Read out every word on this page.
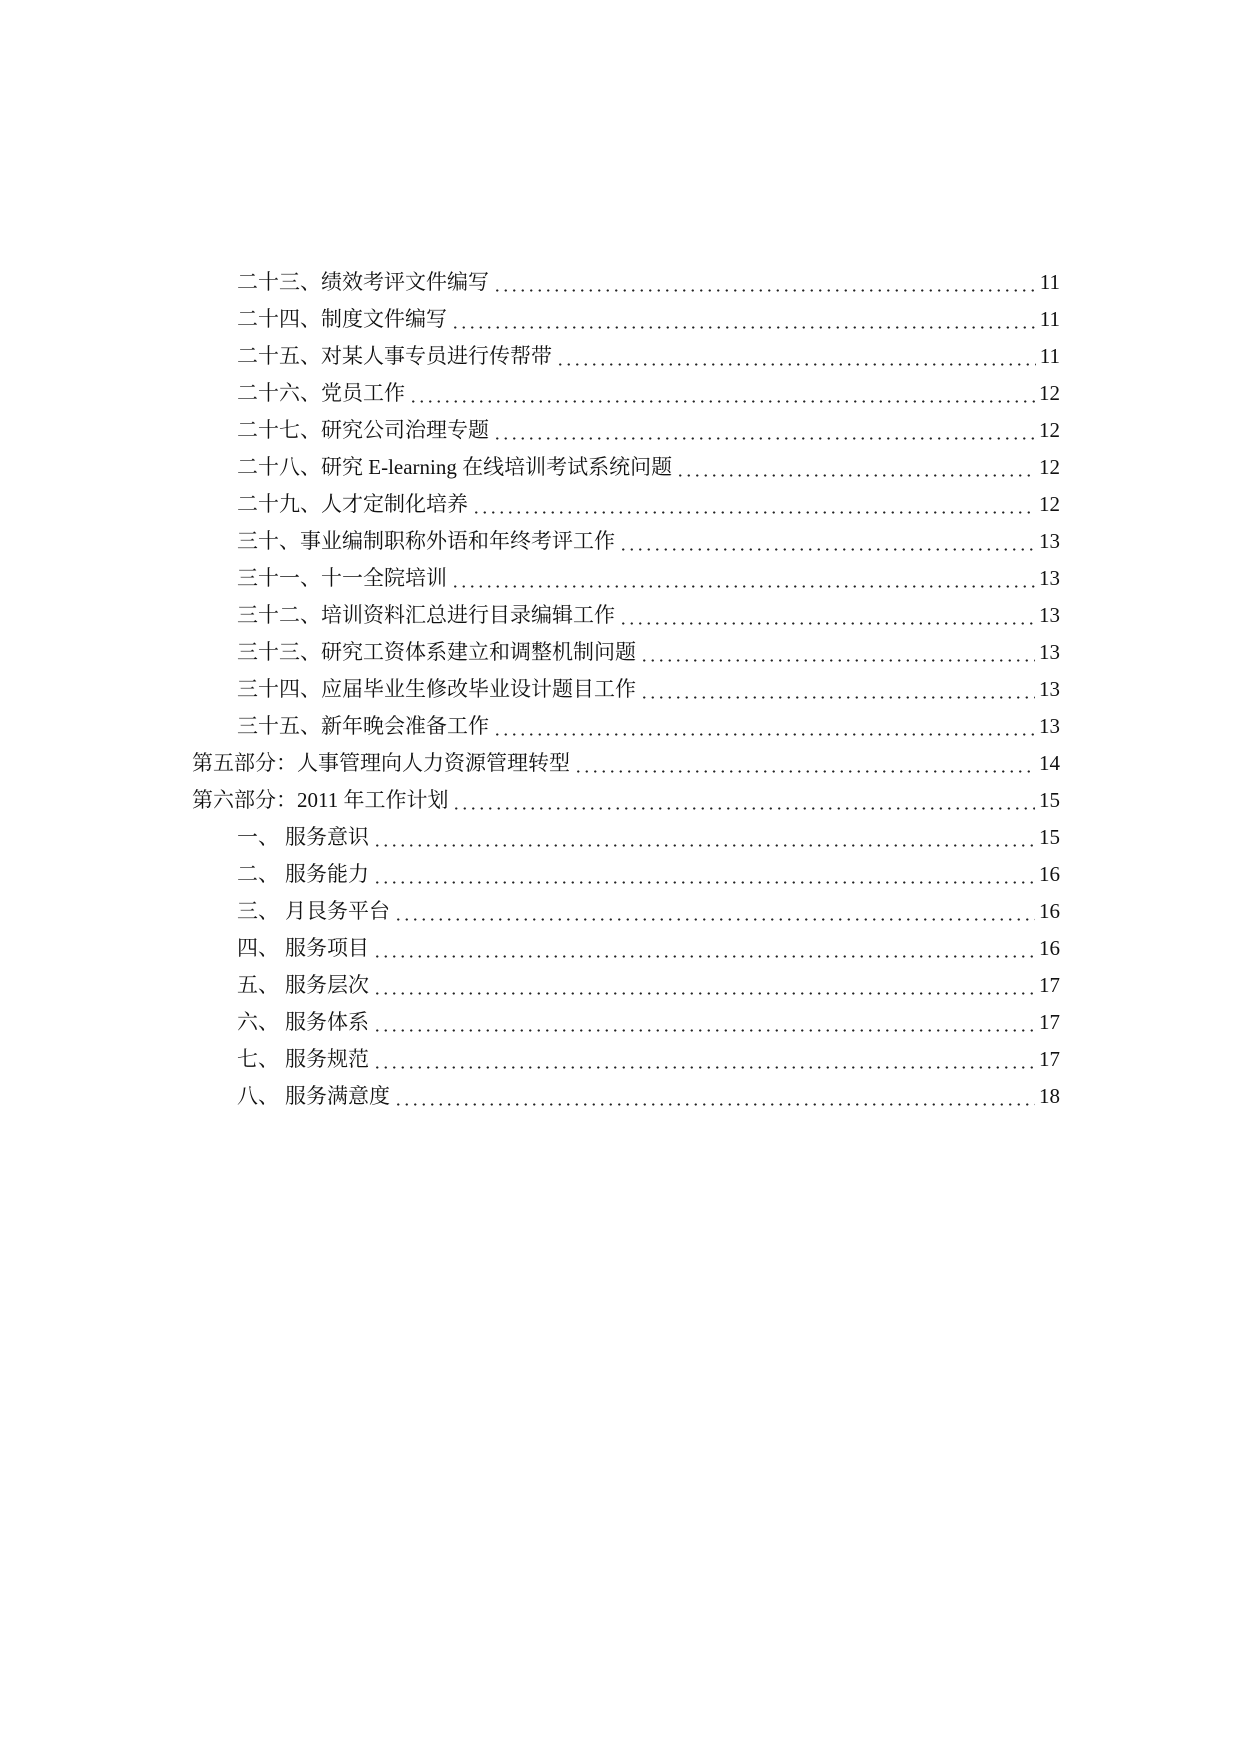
二十三、绩效考评文件编写	11
二十四、制度文件编写	11
二十五、对某人事专员进行传帮带	11
二十六、党员工作	12
二十七、研究公司治理专题	12
二十八、研究 E-learning 在线培训考试系统问题	12
二十九、人才定制化培养	12
三十、事业编制职称外语和年终考评工作	13
三十一、十一全院培训	13
三十二、培训资料汇总进行目录编辑工作	13
三十三、研究工资体系建立和调整机制问题	13
三十四、应届毕业生修改毕业设计题目工作	13
三十五、新年晚会准备工作	13
第五部分：人事管理向人力资源管理转型	14
第六部分：2011 年工作计划	15
一、 服务意识	15
二、 服务能力	16
三、 月艮务平台	16
四、 服务项目	16
五、 服务层次	17
六、 服务体系	17
七、 服务规范	17
八、 服务满意度	18
